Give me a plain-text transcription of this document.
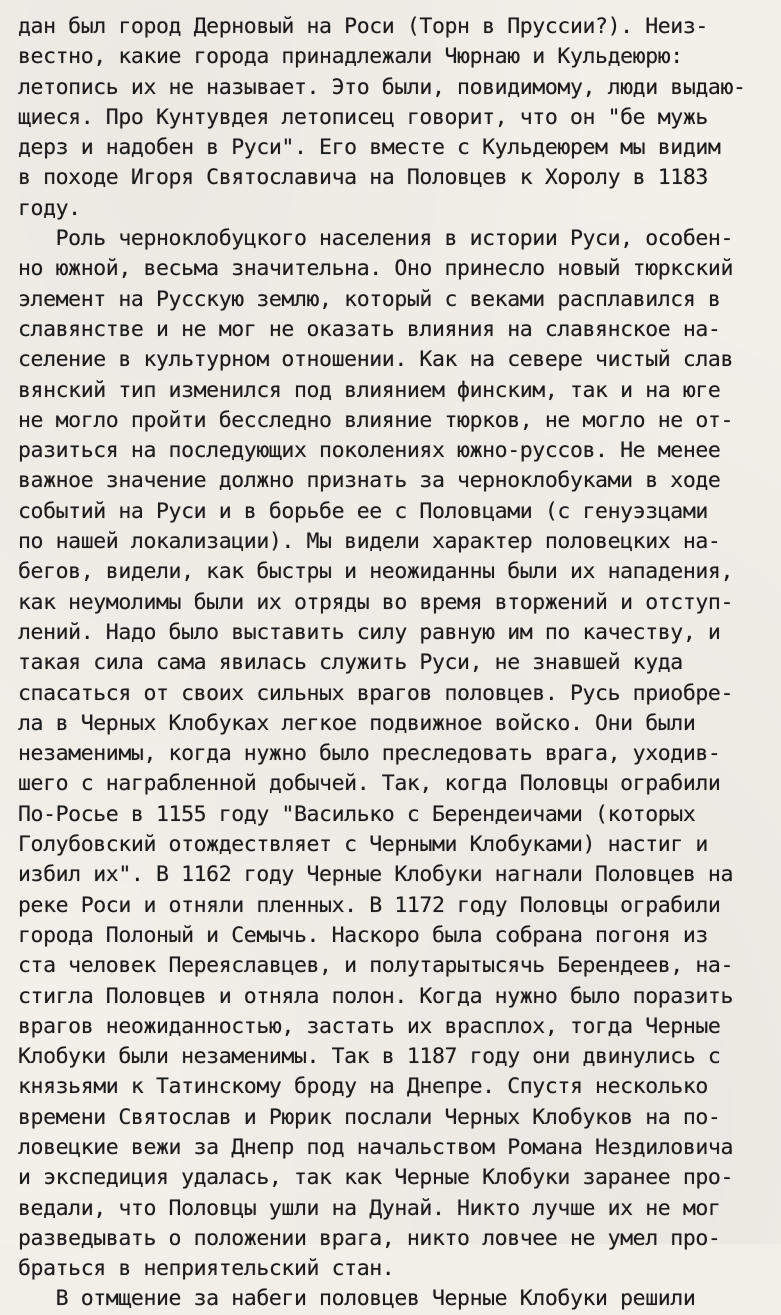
дан был город Дерновый на Роси (Торн в Пруссии?). Неиз-
вестно, какие города принадлежали Чюрнаю и Кульдеюрю:
летопись их не называет. Это были, повидимому, люди выдаю-
щиеся. Про Кунтувдея летописец говорит, что он "бе мужь
дерз и надобен в Руси". Его вместе с Кульдеюрем мы видим
в походе Игоря Святославича на Половцев к Хоролу в 1183
году.
Роль черноклобуцкого населения в истории Руси, особен-
но южной, весьма значительна. Оно принесло новый тюркский
элемент на Русскую землю, который с веками расплавился в
славянстве и не мог не оказать влияния на славянское на-
селение в культурном отношении. Как на севере чистый слав
вянский тип изменился под влиянием финским, так и на юге
не могло пройти бесследно влияние тюрков, не могло не от-
разиться на последующих поколениях южно-руссов. Не менее
важное значение должно признать за черноклобуками в ходе
событий на Руси и в борьбе ее с Половцами (с генуэзцами
по нашей локализации). Мы видели характер половецких на-
бегов, видели, как быстры и неожиданны были их нападения,
как неумолимы были их отряды во время вторжений и отступ-
лений. Надо было выставить силу равную им по качеству, и
такая сила сама явилась служить Руси, не знавшей куда
спасаться от своих сильных врагов половцев. Русь приобре-
ла в Черных Клобуках легкое подвижное войско. Они были
незаменимы, когда нужно было преследовать врага, уходив-
шего с награбленной добычей. Так, когда Половцы ограбили
По-Росье в 1155 году "Василько с Берендеичами (которых
Голубовский отождествляет с Черными Клобуками) настиг и
избил их". В 1162 году Черные Клобуки нагнали Половцев на
реке Роси и отняли пленных. В 1172 году Половцы ограбили
города Полоный и Семычь. Наскоро была собрана погоня из
ста человек Переяславцев, и полутарытысячь Берендеев, на-
стигла Половцев и отняла полон. Когда нужно было поразить
врагов неожиданностью, застать их врасплох, тогда Черные
Клобуки были незаменимы. Так в 1187 году они двинулись с
князьями к Татинскому броду на Днепре. Спустя несколько
времени Святослав и Рюрик послали Черных Клобуков на по-
ловецкие вежи за Днепр под начальством Романа Нездиловича
и экспедиция удалась, так как Черные Клобуки заранее про-
ведали, что Половцы ушли на Дунай. Никто лучше их не мог
разведывать о положении врага, никто ловчее не умел про-
браться в неприятельский стан.
В отмщение за набеги половцев Черные Клобуки решили
